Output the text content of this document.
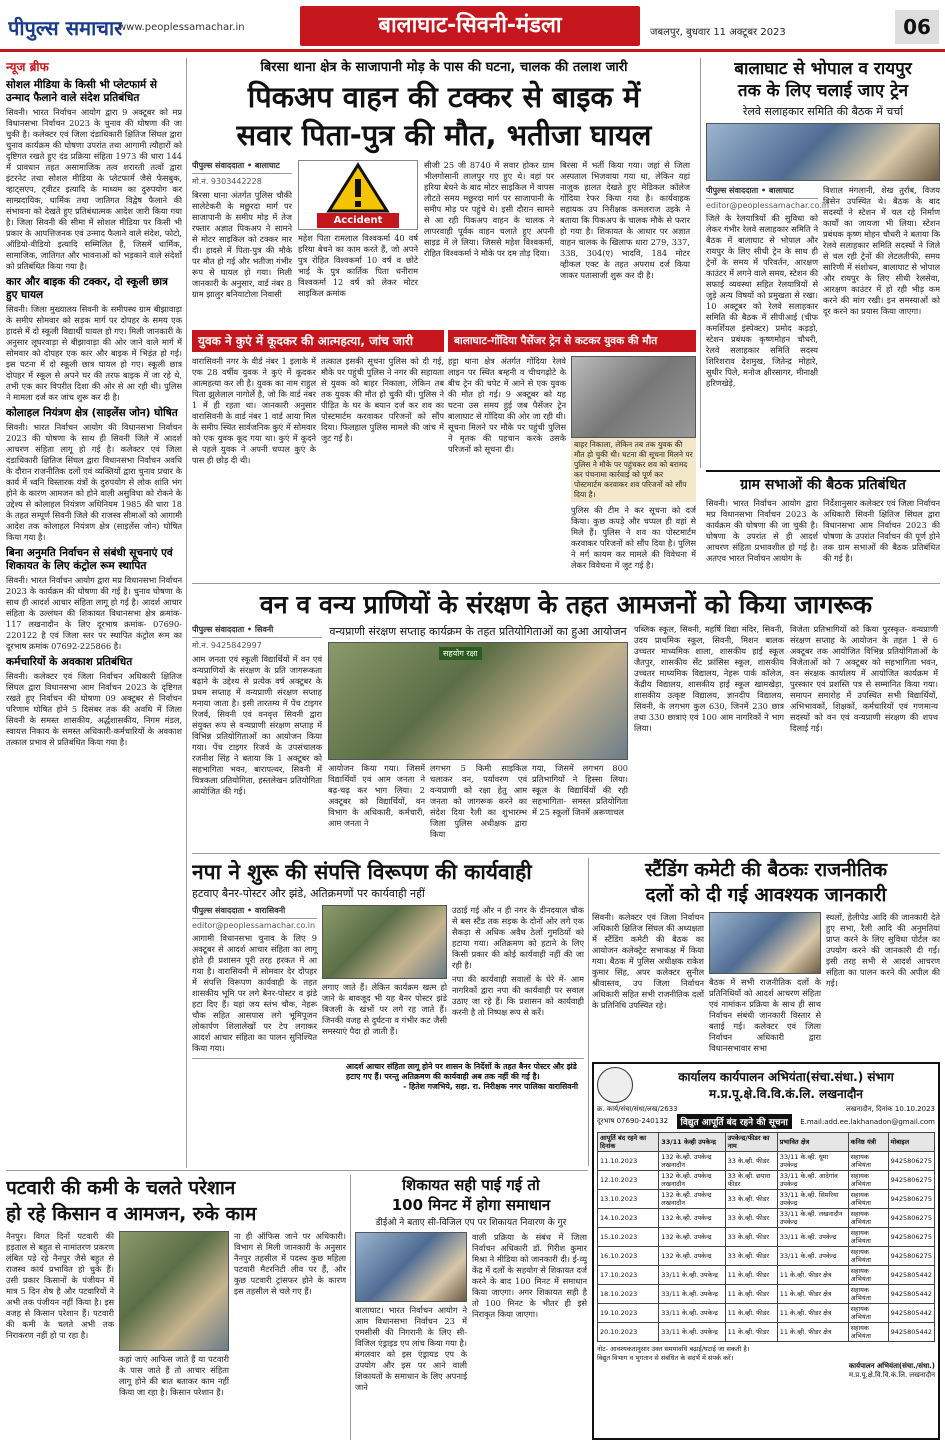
पीपुल्स समाचार
www.peoplessamachar.in	बालाघाट-सिवनी-मंडला	जबलपुर, बुधवार 11 अक्टूबर 2023	06
न्यूज ब्रीफ
सोशल मीडिया के किसी भी प्लेटफार्म से उन्माद फैलाने वाले संदेश प्रतिबंधित
सिवनी। भारत निर्वाचन आयोग द्वारा 9 अक्टूबर को मप्र विधानसभा निर्वाचन 2023 के चुनाव की घोषणा की जा चुकी है। कलेक्टर एवं जिला दंडाधिकारी क्षितिज सिंघल द्वारा चुनाव कार्यक्रम की घोषणा उपरांत तथा आगामी त्यौहारों को दृष्टिगत रखते हुए दंड प्रक्रिया संहिता 1973 की धारा 144 में प्रावधान तहत असामाजिक तत्व शरारती तत्वों द्वारा इंटरनेट तथा सोशल मीडिया के प्लेटफार्म जैसे फेसबुक, व्हाट्सएप, ट्वीटर इत्यादि के माध्यम का दुरुपयोग कर साम्प्रदायिक, धार्मिक तथा जातिगत विद्वेष फैलाने की संभावना को देखते हुए प्रतिबंधात्मक आदेश जारी किया गया है। जिला सिवनी की सीमा में सोशल मीडिया पर किसी भी प्रकार के आपत्तिजनक एवं उन्माद फैलाने वाले संदेश, फोटो, ऑडियो-वीडियो इत्यादि सम्मिलित हैं, जिसमें धार्मिक, सामाजिक, जातिगत और भावनाओं को भड़काने वाले संदेशों को प्रतिबंधित किया गया है।
कार और बाइक की टक्कर, दो स्कूली छात्र हुए घायल
सिवनी। जिला मुख्यालय सिवनी के समीपस्थ ग्राम बीझावाड़ा के समीप सोमवार को सड़क मार्ग पर दोपहर के समय एक हादसे में दो स्कूली विद्यार्थी घायल हो गए। मिली जानकारी के अनुसार लूघरवाड़ा से बीझावाड़ा की ओर जाने वाले मार्ग में सोमवार को दोपहर एक कार और बाइक में भिड़ंत हो गई। इस घटना में दो स्कूली छात्र घायल हो गए। स्कूली छात्र दोपहर में स्कूल से अपने घर की तरफ बाइक में जा रहे थे, तभी एक कार विपरीत दिशा की ओर से आ रही थी। पुलिस ने मामला दर्ज कर जांच शुरू कर दी है।
कोलाहल नियंत्रण क्षेत्र (साइलेंस जोन) घोषित
सिवनी। भारत निर्वाचन आयोग की विधानसभा निर्वाचन 2023 की घोषणा के साथ ही सिवनी जिले में आदर्श आचरण संहिता लागू हो गई है। कलेक्टर एवं जिला दंडाधिकारी क्षितिज सिंघल द्वारा विधानसभा निर्वाचन अवधि के दौरान राजनीतिक दलों एवं व्यक्तियों द्वारा चुनाव प्रचार के कार्य में ध्वनि विस्तारक यंत्रों के दुरुपयोग से लोक शांति भंग होने के कारण आमजन को होने वाली असुविधा को रोकने के उद्देश्य से कोलाहल नियंत्रण अधिनियम 1985 की धारा 18 के तहत सम्पूर्ण सिवनी जिले की राजस्व सीमाओं को आगामी आदेश तक कोलाहल नियंत्रण क्षेत्र (साइलेंस जोन) घोषित किया गया है।
बिना अनुमति निर्वाचन से संबंधी सूचनाएं एवं शिकायत के लिए कंट्रोल रूम स्थापित
सिवनी। भारत निर्वाचन आयोग द्वारा मप्र विधानसभा निर्वाचन 2023 के कार्यक्रम की घोषणा की गई है। चुनाव घोषणा के साथ ही आदर्श आचार संहिता लागू हो गई है। आदर्श आचार संहिता के उल्लंघन की शिकायत विधानसभा क्षेत्र क्रमांक- 117 लखनादौन के लिए दूरभाष क्रमांक- 07690-220122 है एवं जिला स्तर पर स्थापित कंट्रोल रूम का दूरभाष क्रमांक 07692-225866 है।
कर्मचारियों के अवकाश प्रतिबंधित
सिवनी। कलेक्टर एवं जिला निर्वाचन अधिकारी क्षितिज सिंघल द्वारा विधानसभा आम निर्वाचन 2023 के दृष्टिगत रखते हुए निर्वाचन की घोषणा 09 अक्टूबर से निर्वाचन परिणाम घोषित होने 5 दिसंबर तक की अवधि में जिला सिवनी के समस्त शासकीय, अर्द्धशासकीय, निगम मंडल, स्वायत्त निकाय के समस्त अधिकारी-कर्मचारियों के अवकाश तत्काल प्रभाव से प्रतिबंधित किया गया है।
बिरसा थाना क्षेत्र के साजापानी मोड़ के पास की घटना, चालक की तलाश जारी
पिकअप वाहन की टक्कर से बाइक में
सवार पिता-पुत्र की मौत, भतीजा घायल
पीपुल्स संवाददाता • बालाघाट
मो.नं. 9303442228
बिरसा थाना अंतर्गत पुलिस चौकी सालेटेकरी के मछुरदा मार्ग पर साजापानी के समीप मोड़ में तेज रफ्तार अज्ञात पिकअप ने सामने से मोटर साइकिल को टक्कर मार दी। हादसे में पिता-पुत्र की मौके पर मौत हो गई और भतीजा गंभीर रूप से घायल हो गया। मिली जानकारी के अनुसार, वार्ड नंबर 8 ग्राम झालुर बनियाटोला निवासी
Accident
महेश पिता रामलाल विश्वकर्मा 40 वर्ष हरिया बेचने का काम करते हैं, जो अपने पुत्र रोहित विश्वकर्मा 10 वर्ष व छोटे भाई के पुत्र कार्तिक पिता धनीराम विश्वकर्मा 12 वर्ष को लेकर मोटर साइकिल क्रमांक
सीजी 25 जी 8740 में सवार होकर ग्राम भीलगोसानी लालपुर गए हुए थे। वहां पर हरिया बेचने के बाद मोटर साइकिल में वापस लौटते समय मछुरदा मार्ग पर साजापानी के समीप मोड़ पर पहुंचे थे। इसी दौरान सामने से आ रही पिकअप वाहन के चालक ने लापरवाही पूर्वक वाहन चलाते हुए अपनी साइड में ले लिया। जिससे महेश विश्वकर्मा, रोहित विश्वकर्मा ने मौके पर दम तोड़ दिया।
बिरसा में भर्ती किया गया। जहां से जिला अस्पताल भिजवाया गया था, लेकिन यहां नाजुक हालत देखते हुए मेडिकल कॉलेज गोंदिया रेफर किया गया है। कार्यवाहक सहायक उप निरीक्षक कमलराज उइके ने बताया कि पिकअप के चालक मौके से फरार हो गया है। शिकायत के आधार पर अज्ञात वाहन चालक के खिलाफ धारा 279, 337, 338, 304(ए) भादवि, 184 मोटर व्हीकल एक्ट के तहत अपराध दर्ज किया जाकर पतासाजी शुरू कर दी है।
बालाघाट से भोपाल व रायपुर
तक के लिए चलाई जाए ट्रेन
रेलवे सलाहकार समिति की बैठक में चर्चा
पीपुल्स संवाददाता • बालाघाट
editor@peoplessamachar.co.in
जिले के रेलयात्रियों की सुविधा को लेकर गंभीर रेलवे सलाहकार समिति ने बैठक में बालाघाट से भोपाल और रायपुर के लिए सीधी ट्रेन के साथ ही ट्रेनों के समय में परिवर्तन, आरक्षण काउंटर में लगने वाले समय, स्टेशन की सफाई व्यवस्था सहित रेलयात्रियों से जुड़े अन्य विषयों को प्रमुखता से रखा। 10 अक्टूबर को रेलवे सलाहकार समिति की बैठक में सीपीआई (चीफ कमर्शियल इंस्पेक्टर) प्रमोद कड़ड़ो, स्टेशन प्रबंधक कृष्णमोहन चौधरी, रेलवे सलाहकार समिति सदस्य शिरिशराव देशमुख, जितेन्द्र मोहारे, सुधीर पिले, मनोज क्षीरसागर, मीनाक्षी हरिणखेड़े,
विशाल मंगलानी, शेख तुर्राब, विजय बिसेन उपस्थित थे। बैठक के बाद सदस्यों ने स्टेशन में चल रहे निर्माण कार्यों का जायजा भी लिया। स्टेशन प्रबंधक कृष्ण मोहन चौधरी ने बताया कि रेलवे सलाहकार समिति सदस्यों ने जिले से चल रही ट्रेनों की लेटलतीफी, समय सारिणी में संशोधन, बालाघाट से भोपाल और रायपुर के लिए सीधी रेलसेवा, आरक्षण काउंटर में हो रही भीड़ कम करने की मांग रखी। इन समस्याओं को दूर करने का प्रयास किया जाएगा।
युवक ने कुएं में कूदकर की आत्महत्या, जांच जारी
वारासिवनी नगर के वीर्ड नंबर 1 इलाके में एक 28 वर्षीय युवक ने कुएं में कूदकर आत्महत्या कर ली है। युवक का नाम राहुल पिता झुलेलाल नागोर्ले है, जो कि वार्ड नंबर 1 में ही रहता था। जानकारी अनुसार वारासिवनी के वार्ड नंबर 1 वार्ड आया मिल के समीप स्थित सार्वजनिक कुएं में सोमवार को एक युवक कूद गया था। कुएं में कूदने से पहले युवक ने अपनी चप्पल कुएं के पास ही छोड़ दी थी।
तत्काल इसकी सूचना पुलिस को दी गई, मौके पर पहुंची पुलिस ने नगर की सहायता से युवक को बाहर निकाला, लेकिन तब तक युवक की मौत हो चुकी थी। पुलिस ने पीड़ित के घर के बयान दर्ज कर शव का पोस्टमार्टम करवाकर परिजनों को सौंप दिया। फिलहाल पुलिस मामले की जांच में जुट गई है।
बालाघाट-गोंदिया पैसेंजर ट्रेन से कटकर युवक की मौत
हट्टा थाना क्षेत्र अंतर्गत गोंदिया रेलवे लाइन पर स्थित बम्हनी व चीचगढ़ोटे के बीच ट्रेन की चपेट में आने से एक युवक की मौत हो गई। 9 अक्टूबर को यह घटना उस समय हुई जब पैसेंजर ट्रेन बालाघाट से गोंदिया की ओर जा रही थी। सूचना मिलने पर मौके पर पहुंची पुलिस ने मृतक की पहचान करके उसके परिजनों को सूचना दी।	बाहर निकाला, लेकिन तब तक युवक की मौत हो चुकी थी। घटना की सूचना मिलने पर पुलिस ने मौके पर पहुंचकर शव को बरामद कर पंचनामा कार्रवाई को पूर्ण कर पोस्टमार्टम करवाकर शव परिजनों को सौंप दिया है।
पुलिस की टीम ने कर सूचना को दर्ज किया। कुछ कपड़े और चप्पल ही वहां से मिले हैं। पुलिस ने शव का पोस्टमार्टम करवाकर परिजनों को सौंप दिया है। पुलिस ने मर्ग कायम कर मामले की विवेचना में लेकर विवेचना में जुट गई है।
ग्राम सभाओं की बैठक प्रतिबंधित
सिवनी। भारत निर्वाचन आयोग द्वारा मप्र विधानसभा निर्वाचन 2023 के कार्यक्रम की घोषणा की जा चुकी है। घोषणा के उपरांत से ही आदर्श आचरण संहिता प्रभावशील हो गई है। अतएव भारत निर्वाचन आयोग के
निर्देशानुसार कलेक्टर एवं जिला निर्वाचन अधिकारी सिवनी क्षितिज सिंघल द्वारा विधानसभा आम निर्वाचन 2023 की घोषणा के उपरांत निर्वाचन की पूर्ण होने तक ग्राम सभाओं की बैठक प्रतिबंधित की गई है।
वन व वन्य प्राणियों के संरक्षण के तहत आमजनों को किया जागरूक
पीपुल्स संवाददाता • सिवनी
मो.नं. 9425842997
आम जनता एवं स्कूली विद्यार्थियों में वन एवं वन्यप्राणियों के संरक्षण के प्रति जागरूकता बढ़ाने के उद्देश्य से प्रत्येक वर्ष अक्टूबर के प्रथम सप्ताह में वन्यप्राणी संरक्षण सप्ताह मनाया जाता है। इसी तारतम्य में पेंच टाइगर रिजर्व, सिवनी एवं वनवृत्त सिवनी द्वारा संयुक्त रूप से वन्यप्राणी संरक्षण सप्ताह में विभिन्न प्रतियोगिताओं का आयोजन किया गया। पेंच टाइगर रिजर्व के उपसंचालक रजनीश सिंह ने बताया कि 1 अक्टूबर को सहभागिता भवन, बारापत्थर, सिवनी में चित्रकला प्रतियोगिता, हस्तलेखन प्रतियोगिता आयोजित की गई।
वन्यप्राणी संरक्षण सप्ताह कार्यक्रम के तहत प्रतियोगिताओं का हुआ आयोजन
सहयोग रक्षा
आयोजन किया गया। जिसमें विद्यार्थियों एवं आम जनता ने बढ़-चढ़ कर भाग लिया। 2 अक्टूबर को विद्यार्थियों, वन विभाग के अधिकारी, कर्मचारी, आम जनता ने
लगभग 5 किमी साइकिल चलाकर वन, पर्यावरण एवं वन्यप्राणी को रक्षा हेतु आम जनता को जागरूक करने का संदेश दिया रैली का शुभारम्भ जिला पुलिस अधीक्षक द्वारा किया
गया, जिसमें लगभग 800 प्रतिभागियों ने हिस्सा लिया। स्कूल के विद्यार्थियों की रही सहभागिता- समस्त प्रतियोगिता में 25 स्कूलों जिनमें अरूणाचल
पब्लिक स्कूल, सिवनी, महर्षि विद्या मंदिर, सिवनी, उदय प्राथमिक स्कूल, सिवनी, मिशन बालक उच्चतर माध्यमिक शाला, शासकीय हाई स्कूल जैतपुर, शासकीय सेंट फ्रांसिस स्कूल, शासकीय उच्चतर माध्यमिक विद्यालय, नेहरू पार्क कॉलेज, केंद्रीय विद्यालय, शासकीय हाई स्कूल खामखेड़ा, शासकीय उत्कृष्ट विद्यालय, ज्ञानदीप विद्यालय, सिवनी, के लगभग कुल 630, जिनमें 230 छात्र तथा 330 छात्राएं एवं 100 आम नागरिकों ने भाग लिया।
विजेता प्रतिभागियों को किया पुरस्कृत- वन्यप्राणी संरक्षण सप्ताह के आयोजन के तहत 1 से 6 अक्टूबर तक आयोजित विभिन्न प्रतियोगिताओं के विजेताओं को 7 अक्टूबर को सहभागिता भवन, वन संरक्षक कार्यालय में आयोजित कार्यक्रम में पुरस्कार एवं प्रशस्ति पत्र से सम्मानित किया गया। समापन समारोह में उपस्थित सभी विद्यार्थियों, अभिभावकों, शिक्षकों, कर्मचारियों एवं गणमान्य सदस्यों को वन एवं वन्यप्राणी संरक्षण की शपथ दिलाई गई।
नपा ने शुरू की संपत्ति विरूपण की कार्यवाही
हटवाए बैनर-पोस्टर और झंडे, अतिक्रमणों पर कार्यवाही नहीं
पीपुल्स संवाददाता • वारासिवनी
editor@peoplessamachar.co.in
आगामी विधानसभा चुनाव के लिए 9 अक्टूबर से आदर्श आचार संहिता का लागू होते ही प्रशासन पूरी तरह हरकत में आ गया है। वारासिवनी में सोमवार देर दोपहर में संपत्ति विरूपण कार्यवाही के तहत शासकीय भूमि पर लगे बैनर-पोस्टर व झंडे हटा दिए हैं। यहां जय स्तंभ चौक, नेहरू चौक सहित आसपास लगे भूमिपूजन लोकार्पण शिलालेखों पर टेप लगाकर आदर्श आचार संहिता का पालन सुनिश्चित किया गया।
लगाए जाते हैं। लेकिन कार्यक्रम खत्म हो जाने के बावजूद भी यह बैनर पोस्टर झंडे बिजली के खंभों पर लगे रह जाते हैं। जिनकी वजह से दुर्घटना व गंभीर कट जैसी समस्याएं पैदा हो जाती हैं।
उठाई गई और न ही नगर के दीनदयाल चौक से बस स्टैंड तक सड़क के दोनों ओर लगे एक सैकड़ा से अधिक अवैध ठेलों गुमठियों को हटाया गया। अतिक्रमण को हटाने के लिए किसी प्रकार की कोई कार्यवाही नहीं की जा रही है।
नपा की कार्यवाही सवालों के घेरे में- आम नागरिकों द्वारा नपा की कार्यवाही पर सवाल उठाए जा रहे हैं। कि प्रशासन को कार्यवाही करनी है तो निष्पक्ष रूप से करें।
आदर्श आचार संहिता लागू होने पर शासन के निर्देशों के तहत बैनर पोस्टर और झंडे हटाए गए हैं। परन्तु अतिक्रमण की कार्यवाही अब तक नहीं की गई है।
- हितेश गजभिये, सहा. रा. निरीक्षक नगर पालिका वारासिवनी
स्टैंडिंग कमेटी की बैठकः राजनीतिक
दलों को दी गई आवश्यक जानकारी
सिवनी। कलेक्टर एवं जिला निर्वाचन अधिकारी क्षितिज सिंघल की अध्यक्षता में स्टैंडिंग कमेटी की बैठक का आयोजन कलेक्ट्रेट सभाकक्ष में किया गया। बैठक में पुलिस अधीक्षक राकेश कुमार सिंह, अपर कलेक्टर सुनील श्रीवास्तव, उप जिला निर्वाचन अधिकारी सहित सभी राजनीतिक दलों के प्रतिनिधि उपस्थित रहे।
बैठक में सभी राजनीतिक दलों के प्रतिनिधियों को आदर्श आचरण संहिता एवं नामांकन प्रक्रिया के साथ ही साथ निर्वाचन संबंधी जानकारी विस्तार से बताई गई। कलेक्टर एवं जिला निर्वाचन अधिकारी द्वारा विधानसभावार सभा
स्थलों, हेलीपेड आदि की जानकारी देते हुए सभा, रैली आदि की अनुमतियां प्राप्त करने के लिए सुविधा पोर्टल का उपयोग करने की जानकारी दी गई। इसी तरह सभी से आदर्श आचरण संहिता का पालन करने की अपील की गई।
कार्यालय कार्यपालन अभियंता(संचा.संधा.) संभाग
म.प्र.पू.क्षे.वि.वि.कं.लि. लखनादौन
क्र. कार्य/संचा/संधा/लख/2633	लखनादौन, दिनांक 10.10.2023
दूरभाष 07690-240132	विद्युत आपूर्ति बंद रहने की सूचना	E.mail:add.ee.lakhanadon@gmail.com
आपूर्ति बंद रहने का दिनांक	33/11 केव्ही उपकेन्द्र	उपकेन्द्र/फीडर का नाम	प्रभावित क्षेत्र	कनिष्ठ यंत्री	मोबाइल
11.10.2023	132 के.व्ही. उपकेन्द्र लखनादौन	33 के.व्ही. फीडर	33/11 के.व्ही. धूमा उपकेन्द्र	सहायक अभियंता	9425806275
12.10.2023	132 के.व्ही. उपकेन्द्र लखनादौन	33 के.व्ही. छपारा फीडर	33/11 के.व्ही. आदेगांव उपकेन्द्र	सहायक अभियंता	9425806275
13.10.2023	132 के.व्ही. उपकेन्द्र लखनादौन	33 के.व्ही. फीडर	33/11 के.व्ही. सिमरिया उपकेन्द्र	सहायक अभियंता	9425806275
14.10.2023	132 के.व्ही. उपकेन्द्र	33 के.व्ही. फीडर	33/11 के.व्ही. लखनादौन उपकेन्द्र	सहायक अभियंता	9425806275
15.10.2023	132 के.व्ही. उपकेन्द्र	33 के.व्ही. फीडर	33/11 के.व्ही. उपकेन्द्र	सहायक अभियंता	9425806275
16.10.2023	132 के.व्ही. उपकेन्द्र	33 के.व्ही. फीडर	33/11 के.व्ही. उपकेन्द्र	सहायक अभियंता	9425806275
17.10.2023	33/11 के.व्ही. उपकेन्द्र	11 के.व्ही. फीडर	11 के.व्ही. फीडर क्षेत्र	सहायक अभियंता	9425805442
18.10.2023	33/11 के.व्ही. उपकेन्द्र	11 के.व्ही. फीडर	11 के.व्ही. फीडर क्षेत्र	सहायक अभियंता	9425805442
19.10.2023	33/11 के.व्ही. उपकेन्द्र	11 के.व्ही. फीडर	11 के.व्ही. फीडर क्षेत्र	सहायक अभियंता	9425805442
20.10.2023	33/11 के.व्ही. उपकेन्द्र	11 के.व्ही. फीडर	11 के.व्ही. फीडर क्षेत्र	सहायक अभियंता	9425805442
नोट- आवश्यकतानुसार उक्त समयावधि बढ़ाई/घटाई जा सकती है।
विद्युत विभाग व भुगतान से संबंधित के संदर्भ में संपर्क करें।
कार्यपालन अभियंता(संचा./संधा.)
म.प्र.पू.क्षे.वि.वि.कं.लि. लखनादौन
पटवारी की कमी के चलते परेशान
हो रहे किसान व आमजन, रुके काम
नैनपुर। विगत दिनों पटवारी की हड़ताल से बहुत से नामांतरण प्रकरण लंबित पड़े रहे नैनपुर जैसे बहुत से राजस्व कार्य प्रभावित हो चुके हैं। उसी प्रकार किसानों के पंजीयन में मात्र 5 दिन शेष है और पटवारियों ने अभी तक पंजीयन नहीं किया है। इस वजह से किसान परेशान हैं। पटवारी की कमी के चलते अभी तक निराकरण नहीं हो पा रहा है।
कहां जाएं आफिस जाते हैं या पटवारी के पास जाते हैं तो आचार संहिता लागू होने की बात बताकर काम नहीं किया जा रहा है। किसान परेशान हैं।
ना ही ऑफिस जाने पर अधिकारी। विभाग से मिली जानकारी के अनुसार नैनपुर तहसील में पदस्थ कुछ महिला पटवारी मैटरनिटी लीव पर हैं, और कुछ पटवारी ट्रांसफर होने के कारण इस तहसील से चले गए हैं।
शिकायत सही पाई गई तो
100 मिनट में होगा समाधान
डीईओ ने बताए सी-विजिल एप पर शिकायत निवारण के गुर
बालाघाट। भारत निर्वाचन आयोग ने आम विधानसभा निर्वाचन 23 में एमसीसी की निगरानी के लिए सी-विजिल एंड्राइड एप लांच किया गया है। मंगलवार को इस एंड्रायड एप के उपयोग और इस पर आने वाली शिकायतों के समाधान के लिए अपनाई जाने
वाली प्रक्रिया के संबंध में जिला निर्वाचन अधिकारी डॉ. गिरीश कुमार मिश्रा ने मीडिया को जानकारी दी। ई-व्यू केंद्र में दलों के सहयोग से शिकायत दर्ज करने के बाद 100 मिनट में समाधान किया जाएगा। अगर शिकायत सही है तो 100 मिनट के भीतर ही इसे निराकृत किया जाएगा।
